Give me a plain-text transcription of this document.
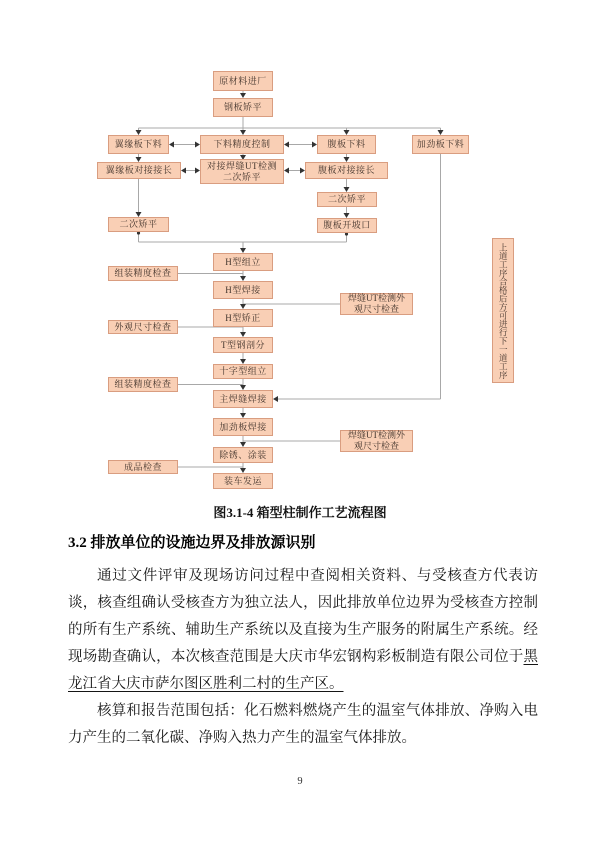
原材料进厂
钢板矫平
翼缘板下料	下料精度控制	腹板下料	加劲板下料
翼缘板对接接长	对接焊缝UT检测二次矫平
腹板对接接长
二次矫平
二次矫平	腹板开坡口
H型组立
组装精度检查
H型焊接
焊缝UT检测外观尺寸检查
H型矫正
外观尺寸检查
T型钢剖分
十字型组立
组装精度检查
主焊缝焊接
加劲板焊接
焊缝UT检测外观尺寸检查
除锈、涂装
成品检查
装车发运
上道工序合格后方可进行下一道工序
图3.1-4 箱型柱制作工艺流程图
3.2 排放单位的设施边界及排放源识别

通过文件评审及现场访问过程中查阅相关资料、与受核查方代表访谈，核查组确认受核查方为独立法人，因此排放单位边界为受核查方控制的所有生产系统、辅助生产系统以及直接为生产服务的附属生产系统。经现场勘查确认，本次核查范围是大庆市华宏钢构彩板制造有限公司位于黑龙江省大庆市萨尔图区胜利二村的生产区。

核算和报告范围包括：化石燃料燃烧产生的温室气体排放、净购入电力产生的二氧化碳、净购入热力产生的温室气体排放。

9
